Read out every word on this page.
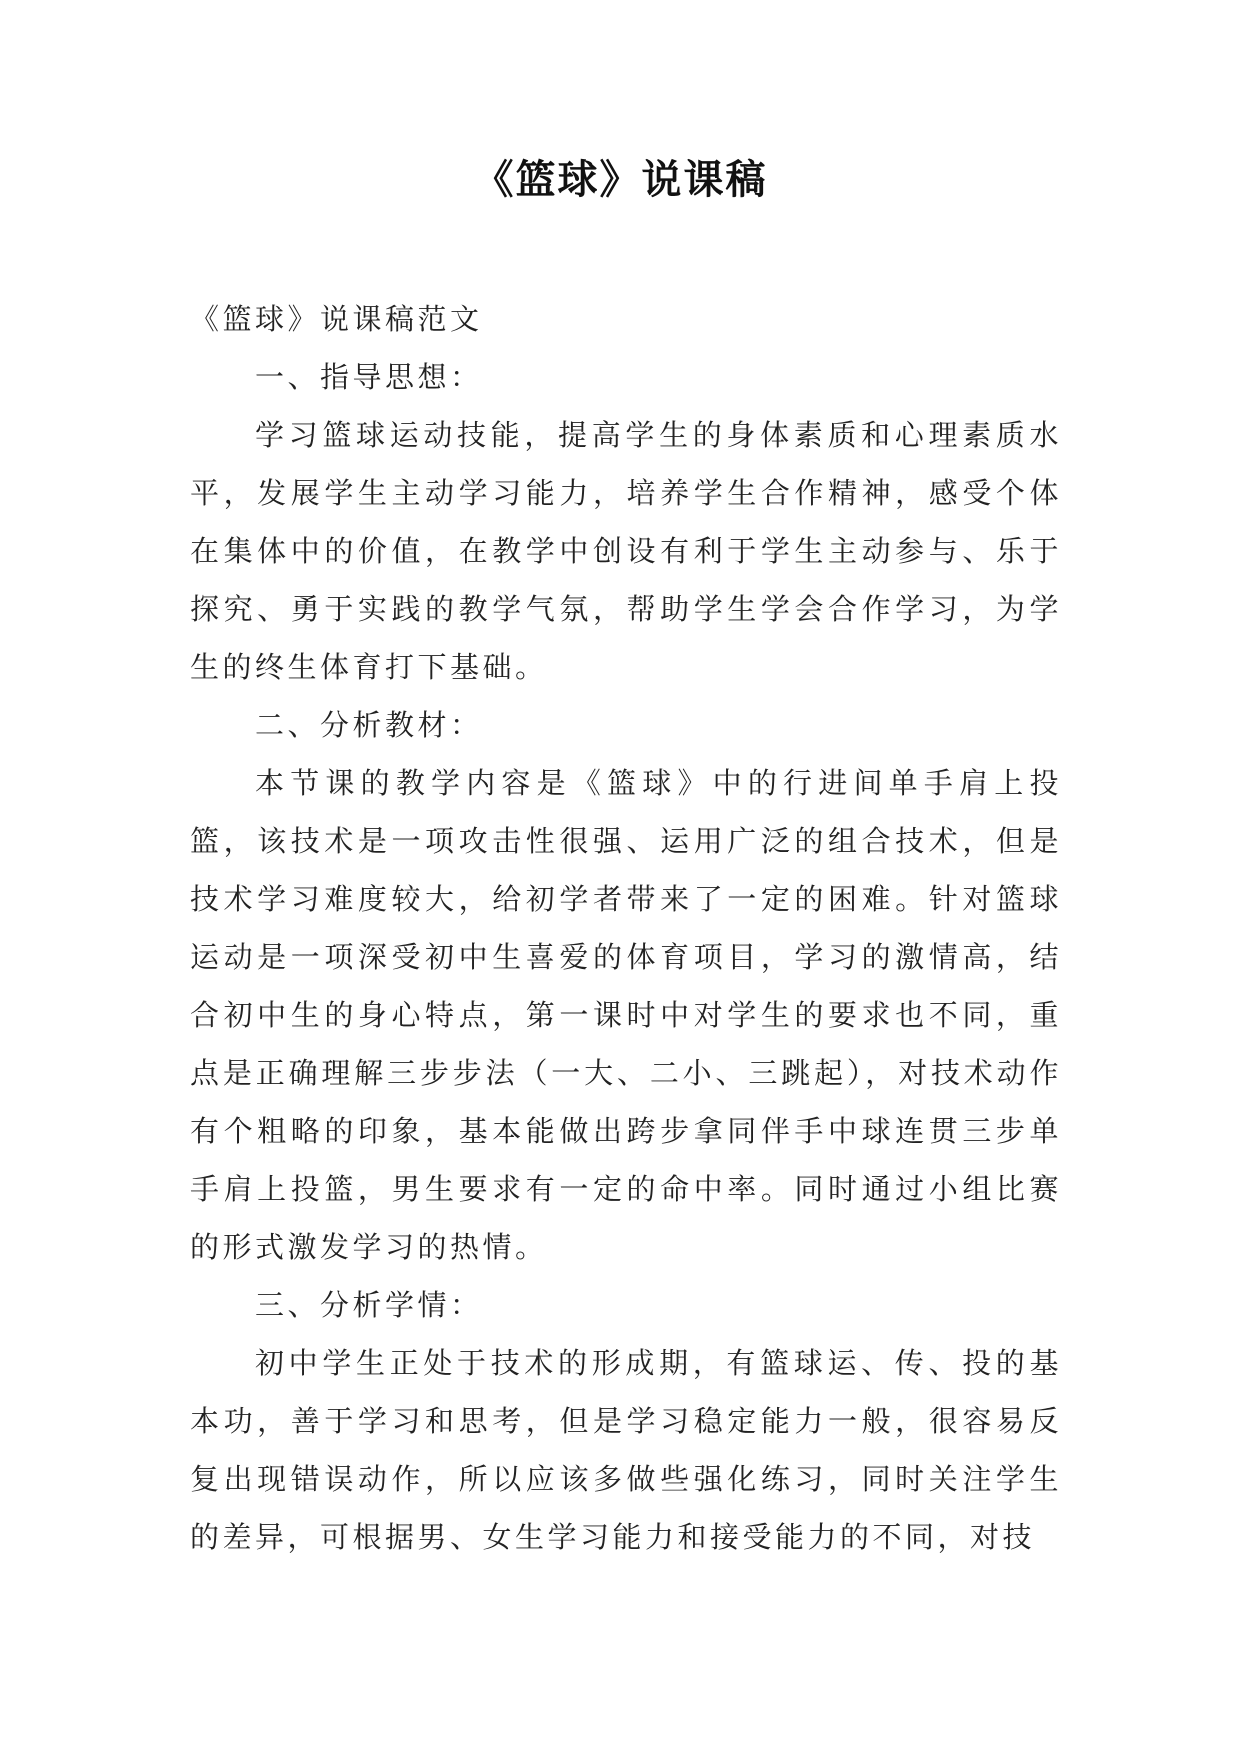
《篮球》说课稿

《篮球》说课稿范文

一、指导思想：

学习篮球运动技能，提高学生的身体素质和心理素质水平，发展学生主动学习能力，培养学生合作精神，感受个体在集体中的价值，在教学中创设有利于学生主动参与、乐于探究、勇于实践的教学气氛，帮助学生学会合作学习，为学生的终生体育打下基础。

二、分析教材：

本节课的教学内容是《篮球》中的行进间单手肩上投篮，该技术是一项攻击性很强、运用广泛的组合技术，但是技术学习难度较大，给初学者带来了一定的困难。针对篮球运动是一项深受初中生喜爱的体育项目，学习的激情高，结合初中生的身心特点，第一课时中对学生的要求也不同，重点是正确理解三步步法（一大、二小、三跳起），对技术动作有个粗略的印象，基本能做出跨步拿同伴手中球连贯三步单手肩上投篮，男生要求有一定的命中率。同时通过小组比赛的形式激发学习的热情。

三、分析学情：

初中学生正处于技术的形成期，有篮球运、传、投的基本功，善于学习和思考，但是学习稳定能力一般，很容易反复出现错误动作，所以应该多做些强化练习，同时关注学生的差异，可根据男、女生学习能力和接受能力的不同，对技
